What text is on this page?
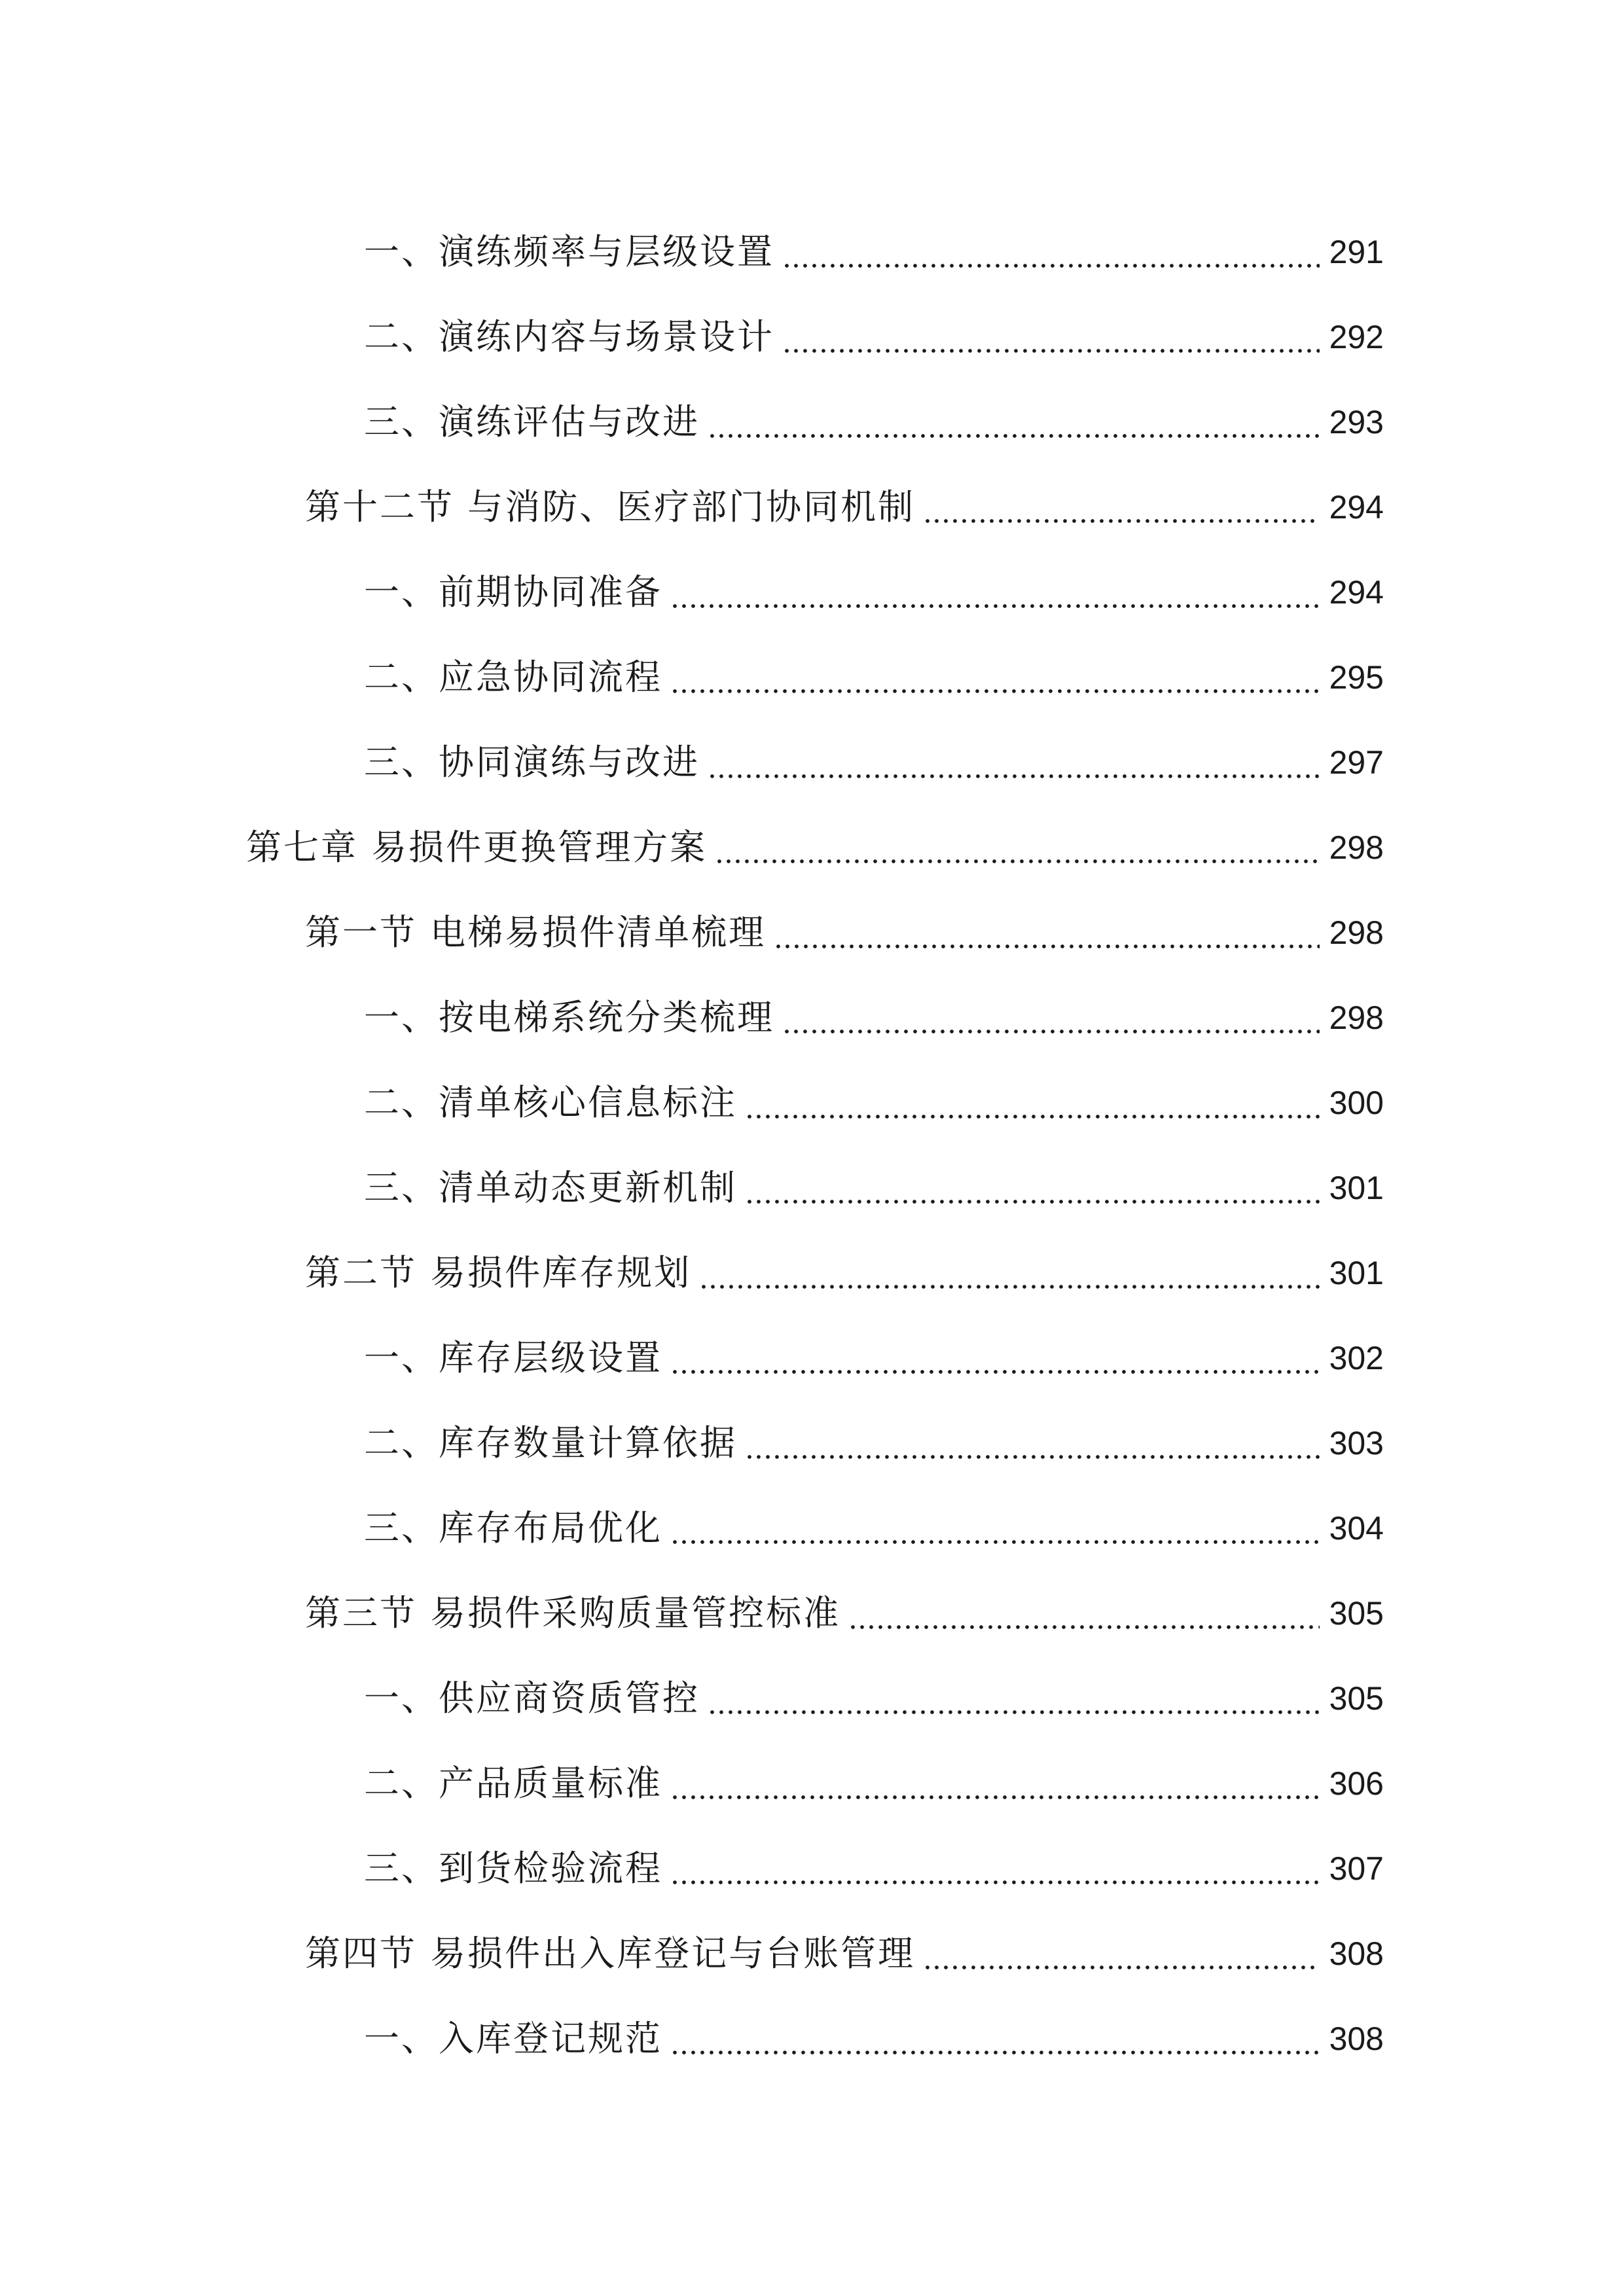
一、演练频率与层级设置	291
二、演练内容与场景设计	292
三、演练评估与改进	293
第十二节 与消防、医疗部门协同机制	294
一、前期协同准备	294
二、应急协同流程	295
三、协同演练与改进	297
第七章 易损件更换管理方案	298
第一节 电梯易损件清单梳理	298
一、按电梯系统分类梳理	298
二、清单核心信息标注	300
三、清单动态更新机制	301
第二节 易损件库存规划	301
一、库存层级设置	302
二、库存数量计算依据	303
三、库存布局优化	304
第三节 易损件采购质量管控标准	305
一、供应商资质管控	305
二、产品质量标准	306
三、到货检验流程	307
第四节 易损件出入库登记与台账管理	308
一、入库登记规范	308
